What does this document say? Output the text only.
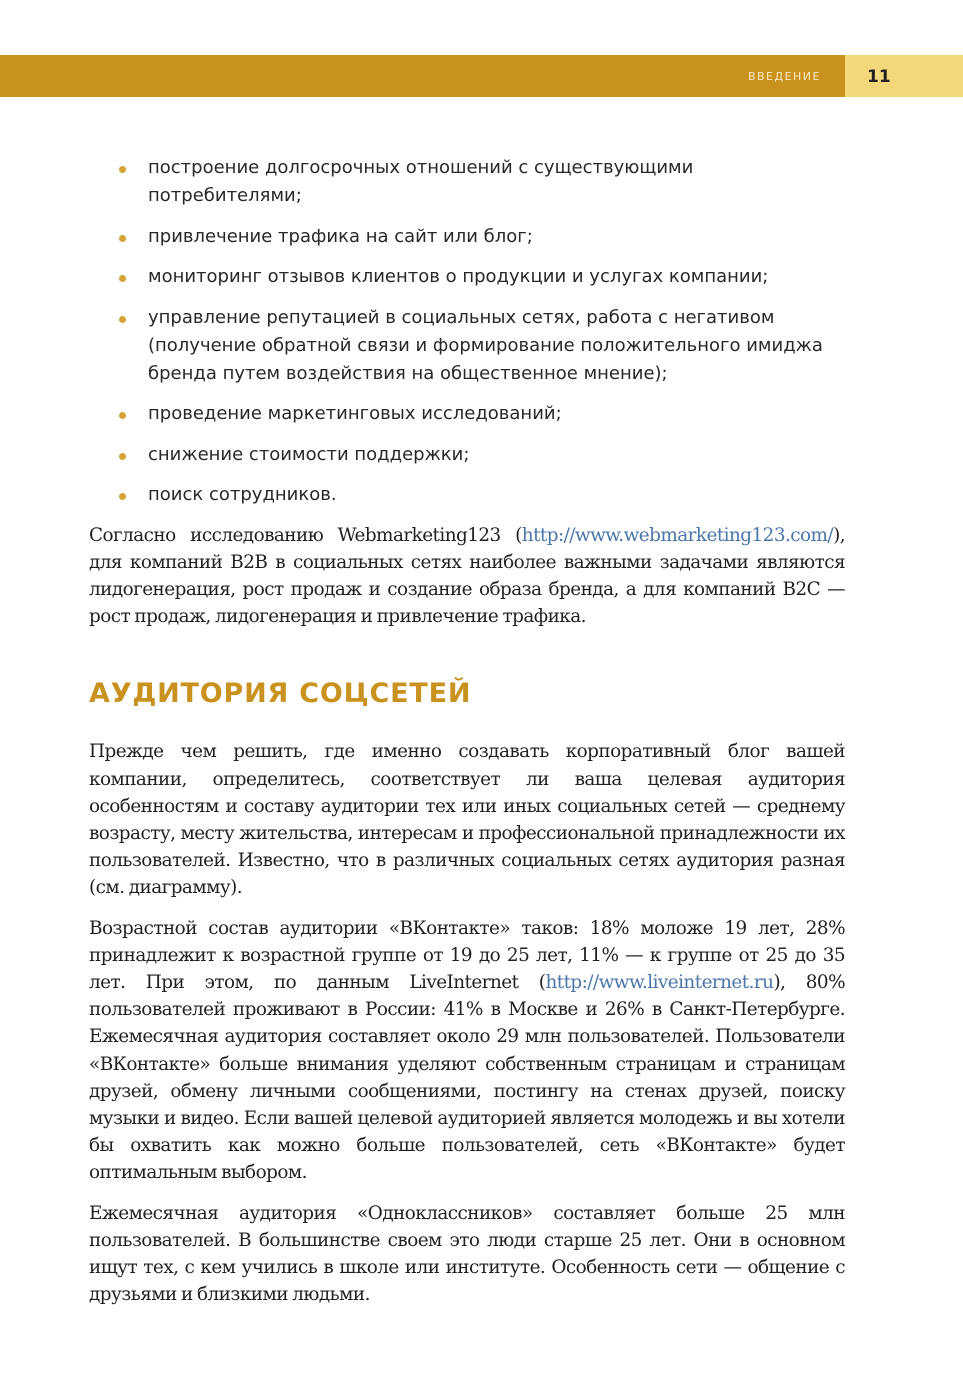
ВВЕДЕНИЕ	11
построение долгосрочных отношений с существующими потребителями;
привлечение трафика на сайт или блог;
мониторинг отзывов клиентов о продукции и услугах компании;
управление репутацией в социальных сетях, работа с негативом (получение обратной связи и формирование положительного имиджа бренда путем воздействия на общественное мнение);
проведение маркетинговых исследований;
снижение стоимости поддержки;
поиск сотрудников.

Согласно исследованию Webmarketing123 (http://www.webmarketing123.com/), для компаний B2B в социальных сетях наиболее важными задачами являются лидогенерация, рост продаж и создание образа бренда, а для компаний B2C — рост продаж, лидогенерация и привлечение трафика.

АУДИТОРИЯ СОЦСЕТЕЙ

Прежде чем решить, где именно создавать корпоративный блог вашей компании, определитесь, соответствует ли ваша целевая аудитория особенностям и составу аудитории тех или иных социальных сетей — среднему возрасту, месту жительства, интересам и профессиональной принадлежности их пользователей. Известно, что в различных социальных сетях аудитория разная (см. диаграмму).

Возрастной состав аудитории «ВКонтакте» таков: 18% моложе 19 лет, 28% принадлежит к возрастной группе от 19 до 25 лет, 11% — к группе от 25 до 35 лет. При этом, по данным LiveInternet (http://www.liveinternet.ru), 80% пользователей проживают в России: 41% в Москве и 26% в Санкт-Петербурге. Ежемесячная аудитория составляет около 29 млн пользователей. Пользователи «ВКонтакте» больше внимания уделяют собственным страницам и страницам друзей, обмену личными сообщениями, постингу на стенах друзей, поиску музыки и видео. Если вашей целевой аудиторией является молодежь и вы хотели бы охватить как можно больше пользователей, сеть «ВКонтакте» будет оптимальным выбором.

Ежемесячная аудитория «Одноклассников» составляет больше 25 млн пользователей. В большинстве своем это люди старше 25 лет. Они в основном ищут тех, с кем учились в школе или институте. Особенность сети — общение с друзьями и близкими людьми.
